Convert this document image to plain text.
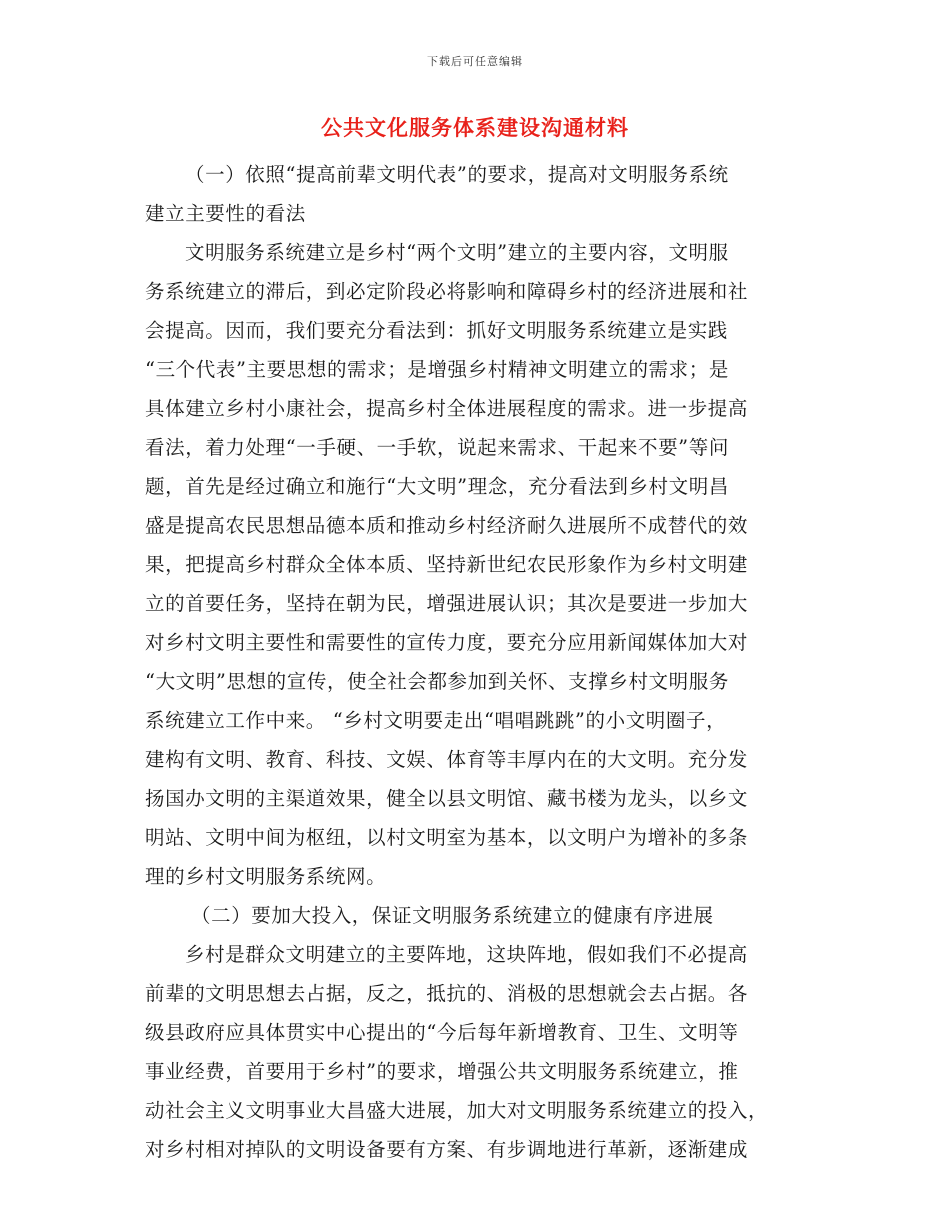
下载后可任意编辑
公共文化服务体系建设沟通材料
（一）依照“提高前辈文明代表”的要求，提高对文明服务系统
建立主要性的看法
文明服务系统建立是乡村“两个文明”建立的主要内容，文明服
务系统建立的滞后，到必定阶段必将影响和障碍乡村的经济进展和社
会提高。因而，我们要充分看法到：抓好文明服务系统建立是实践
“三个代表”主要思想的需求；是增强乡村精神文明建立的需求；是
具体建立乡村小康社会，提高乡村全体进展程度的需求。进一步提高
看法，着力处理“一手硬、一手软，说起来需求、干起来不要”等问
题，首先是经过确立和施行“大文明”理念，充分看法到乡村文明昌
盛是提高农民思想品德本质和推动乡村经济耐久进展所不成替代的效
果，把提高乡村群众全体本质、坚持新世纪农民形象作为乡村文明建
立的首要任务，坚持在朝为民，增强进展认识；其次是要进一步加大
对乡村文明主要性和需要性的宣传力度，要充分应用新闻媒体加大对
“大文明”思想的宣传，使全社会都参加到关怀、支撑乡村文明服务
系统建立工作中来。 “乡村文明要走出“唱唱跳跳”的小文明圈子，
建构有文明、教育、科技、文娱、体育等丰厚内在的大文明。充分发
扬国办文明的主渠道效果，健全以县文明馆、藏书楼为龙头，以乡文
明站、文明中间为枢纽，以村文明室为基本，以文明户为增补的多条
理的乡村文明服务系统网。
（二）要加大投入，保证文明服务系统建立的健康有序进展
乡村是群众文明建立的主要阵地，这块阵地，假如我们不必提高
前辈的文明思想去占据，反之，抵抗的、消极的思想就会去占据。各
级县政府应具体贯实中心提出的“今后每年新增教育、卫生、文明等
事业经费，首要用于乡村”的要求，增强公共文明服务系统建立，推
动社会主义文明事业大昌盛大进展，加大对文明服务系统建立的投入，
对乡村相对掉队的文明设备要有方案、有步调地进行革新，逐渐建成
